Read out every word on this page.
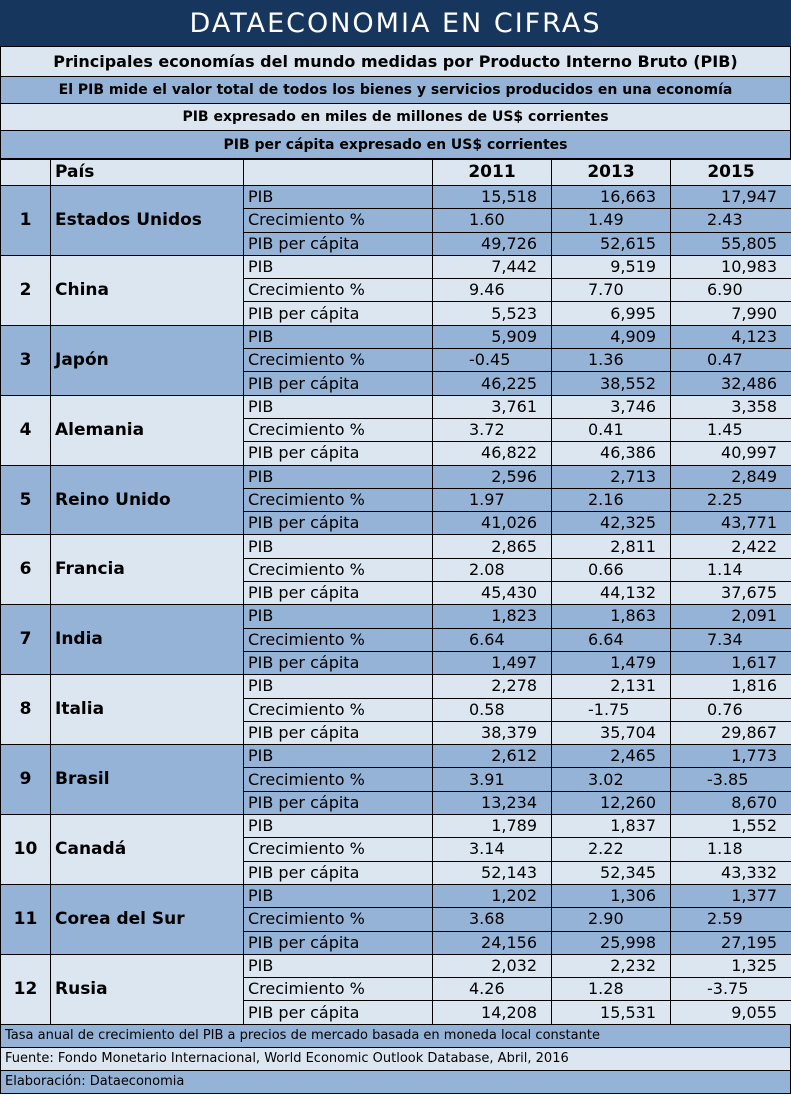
DATAECONOMIA EN CIFRAS
Principales economías del mundo medidas por Producto Interno Bruto (PIB)
El PIB mide el valor total de todos los bienes y servicios producidos en una economía
PIB expresado en miles de millones de US$ corrientes
PIB per cápita expresado en US$ corrientes
	País		2011	2013	2015
1	Estados Unidos	PIB	15,518	16,663	17,947
		Crecimiento %	1.60	1.49	2.43
		PIB per cápita	49,726	52,615	55,805
2	China	PIB	7,442	9,519	10,983
		Crecimiento %	9.46	7.70	6.90
		PIB per cápita	5,523	6,995	7,990
3	Japón	PIB	5,909	4,909	4,123
		Crecimiento %	-0.45	1.36	0.47
		PIB per cápita	46,225	38,552	32,486
4	Alemania	PIB	3,761	3,746	3,358
		Crecimiento %	3.72	0.41	1.45
		PIB per cápita	46,822	46,386	40,997
5	Reino Unido	PIB	2,596	2,713	2,849
		Crecimiento %	1.97	2.16	2.25
		PIB per cápita	41,026	42,325	43,771
6	Francia	PIB	2,865	2,811	2,422
		Crecimiento %	2.08	0.66	1.14
		PIB per cápita	45,430	44,132	37,675
7	India	PIB	1,823	1,863	2,091
		Crecimiento %	6.64	6.64	7.34
		PIB per cápita	1,497	1,479	1,617
8	Italia	PIB	2,278	2,131	1,816
		Crecimiento %	0.58	-1.75	0.76
		PIB per cápita	38,379	35,704	29,867
9	Brasil	PIB	2,612	2,465	1,773
		Crecimiento %	3.91	3.02	-3.85
		PIB per cápita	13,234	12,260	8,670
10	Canadá	PIB	1,789	1,837	1,552
		Crecimiento %	3.14	2.22	1.18
		PIB per cápita	52,143	52,345	43,332
11	Corea del Sur	PIB	1,202	1,306	1,377
		Crecimiento %	3.68	2.90	2.59
		PIB per cápita	24,156	25,998	27,195
12	Rusia	PIB	2,032	2,232	1,325
		Crecimiento %	4.26	1.28	-3.75
		PIB per cápita	14,208	15,531	9,055
Tasa anual de crecimiento del PIB a precios de mercado basada en moneda local constante
Fuente: Fondo Monetario Internacional, World Economic Outlook Database, Abril, 2016
Elaboración: Dataeconomia
